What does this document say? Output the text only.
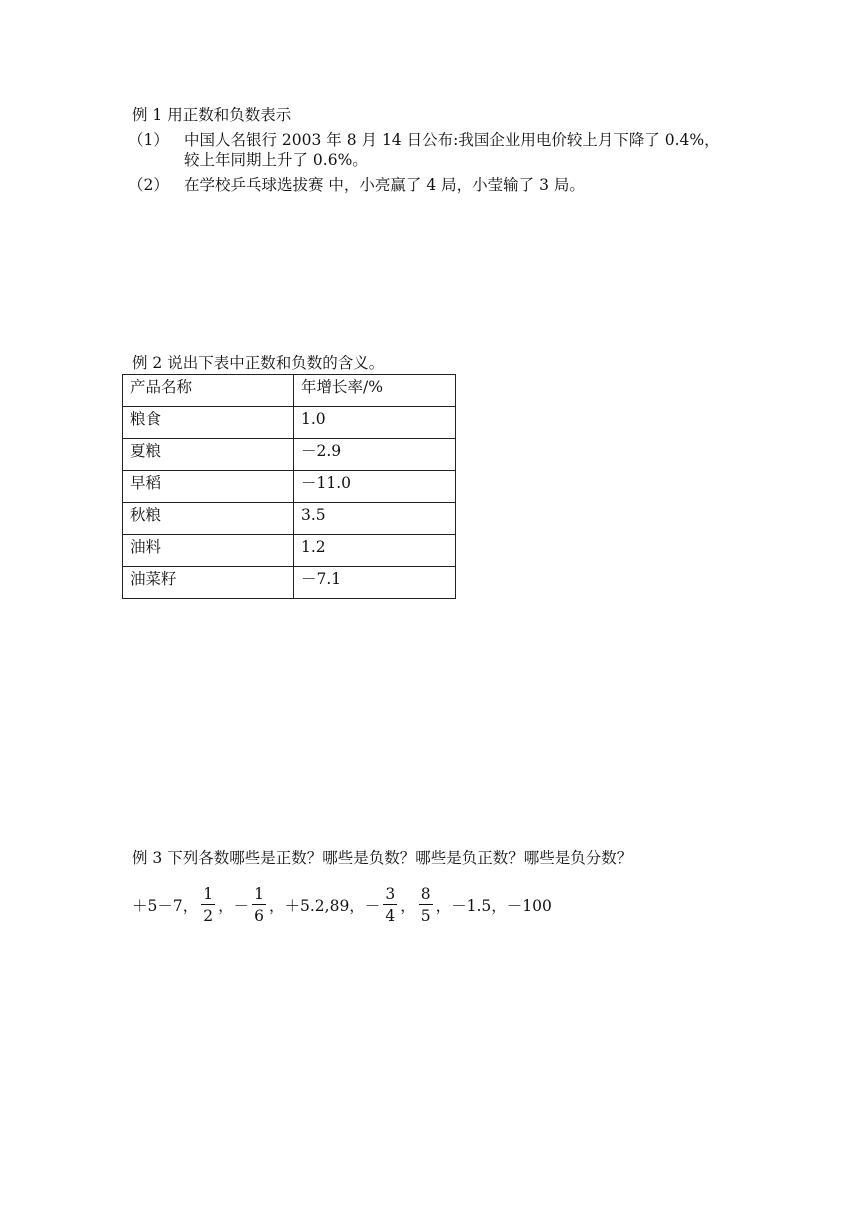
例 1 用正数和负数表示
（1） 中国人名银行 2003 年 8 月 14 日公布:我国企业用电价较上月下降了 0.4%，
较上年同期上升了 0.6%。
（2） 在学校乒乓球选拔赛 中，小亮赢了 4 局，小莹输了 3 局。
例 2 说出下表中正数和负数的含义。
产品名称	年增长率/%
粮食	1.0
夏粮	－2.9
早稻	－11.0
秋粮	3.5
油料	1.2
油菜籽	－7.1
例 3 下列各数哪些是正数？哪些是负数？哪些是负正数？哪些是负分数？
＋5－7， $\frac{1}{2}$ ，－ $\frac{1}{6}$ ，＋5.2,89，－ $\frac{3}{4}$ ， $\frac{8}{5}$ ，－1.5，－100
